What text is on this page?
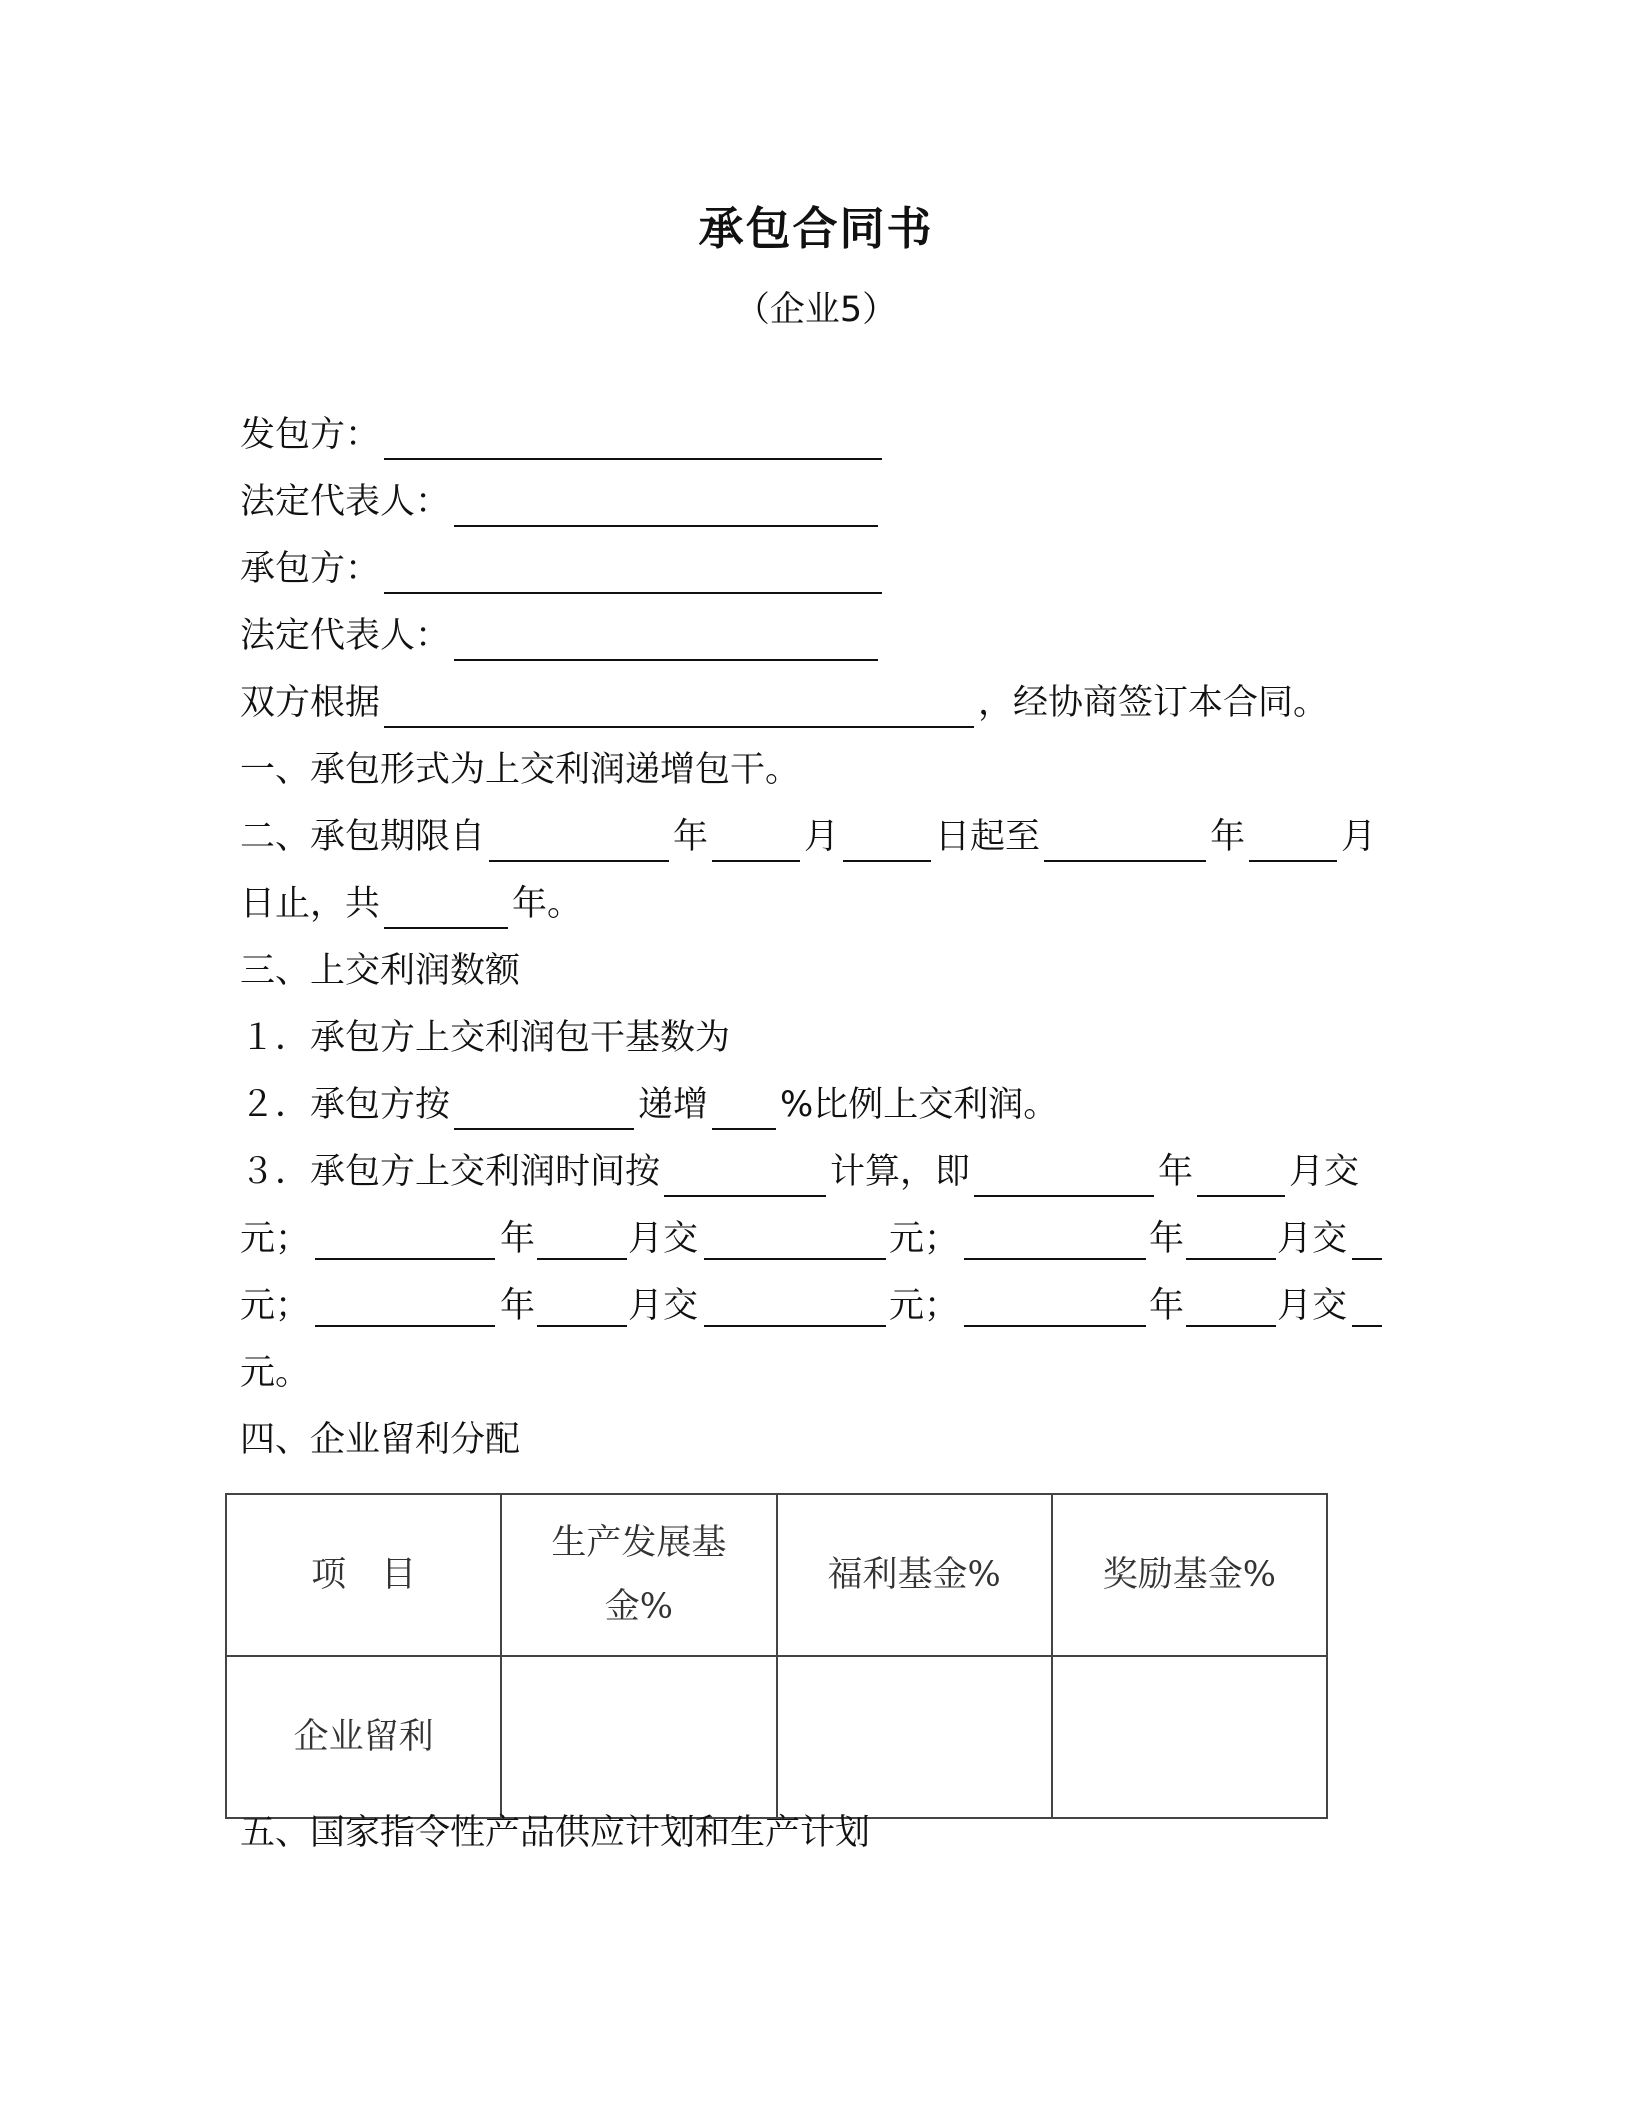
承包合同书
（企业5）
发包方：
法定代表人：
承包方：
法定代表人：
双方根据	，经协商签订本合同。
一、承包形式为上交利润递增包干。
二、承包期限自	年	月	日起至	年	月
日止，共	年。
三、上交利润数额
１．承包方上交利润包干基数为
２．承包方按	递增 %比例上交利润。
３．承包方上交利润时间按	计算，即	年	月交
元；	年	月交	元；	年	月交
元；	年	月交	元；	年	月交
元。
四、企业留利分配
项　目	生产发展基金%	福利基金%	奖励基金%
企业留利			
五、国家指令性产品供应计划和生产计划
